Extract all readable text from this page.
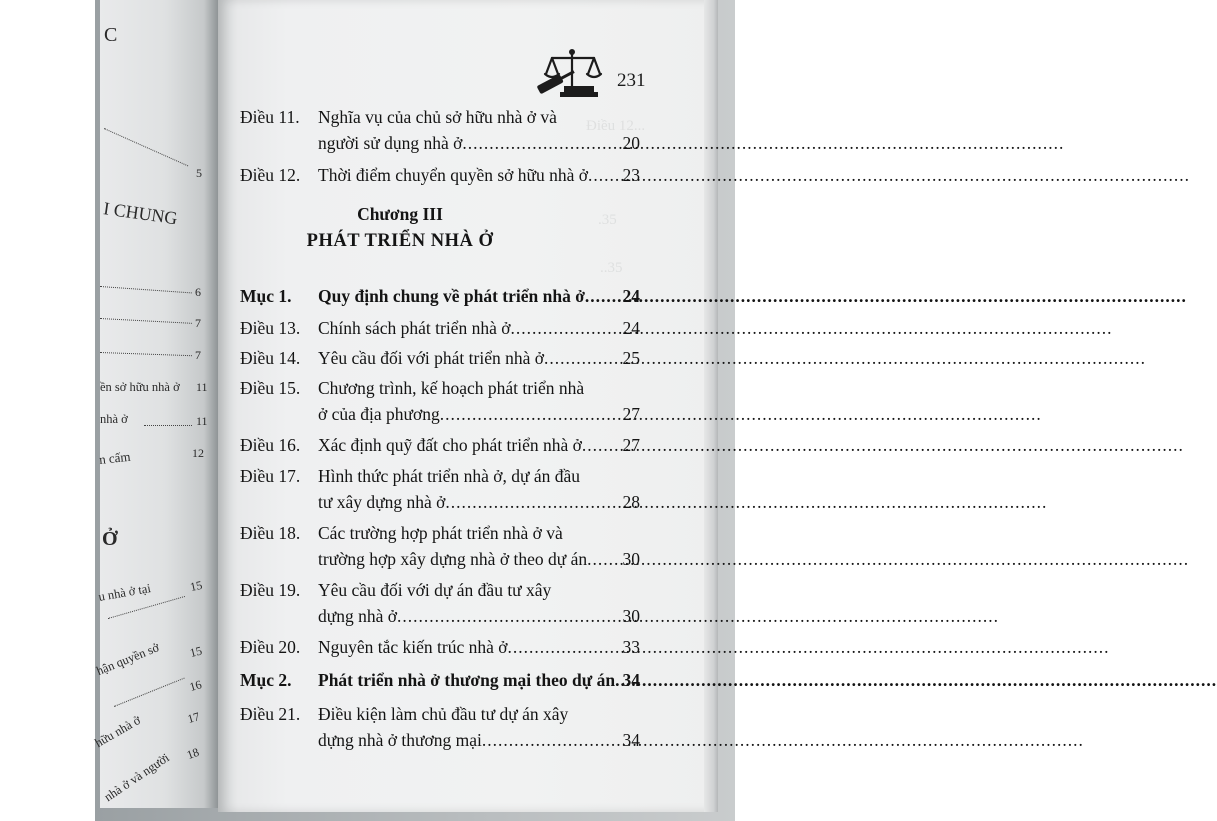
C
5
I CHUNG
6
7
7
ền sở hữu nhà ở 11
nhà ở	11
n cấm	12
Ở
u nhà ở tại	15
hận quyền sở 15
16
hữu nhà ở	17
nhà ở và người 18
Điều 12...
.35
..35
231
Điều 11. Nghĩa vụ của chủ sở hữu nhà ở và
người sử dụng nhà ở .....	20
Điều 12. Thời điểm chuyển quyền sở hữu nhà ở ..... 23
Chương III
PHÁT TRIỂN NHÀ Ở
Mục 1. Quy định chung về phát triển nhà ở ..... 24
Điều 13. Chính sách phát triển nhà ở .....	24
Điều 14. Yêu cầu đối với phát triển nhà ở .....	25
Điều 15. Chương trình, kế hoạch phát triển nhà
ở của địa phương .....	27
Điều 16. Xác định quỹ đất cho phát triển nhà ở ..... 27
Điều 17. Hình thức phát triển nhà ở, dự án đầu
tư xây dựng nhà ở .....	28
Điều 18. Các trường hợp phát triển nhà ở và
trường hợp xây dựng nhà ở theo dự án ..... 30
Điều 19. Yêu cầu đối với dự án đầu tư xây
dựng nhà ở .....	30
Điều 20. Nguyên tắc kiến trúc nhà ở .....	33
Mục 2. Phát triển nhà ở thương mại theo dự án ..... 34
Điều 21. Điều kiện làm chủ đầu tư dự án xây
dựng nhà ở thương mại .....	34
